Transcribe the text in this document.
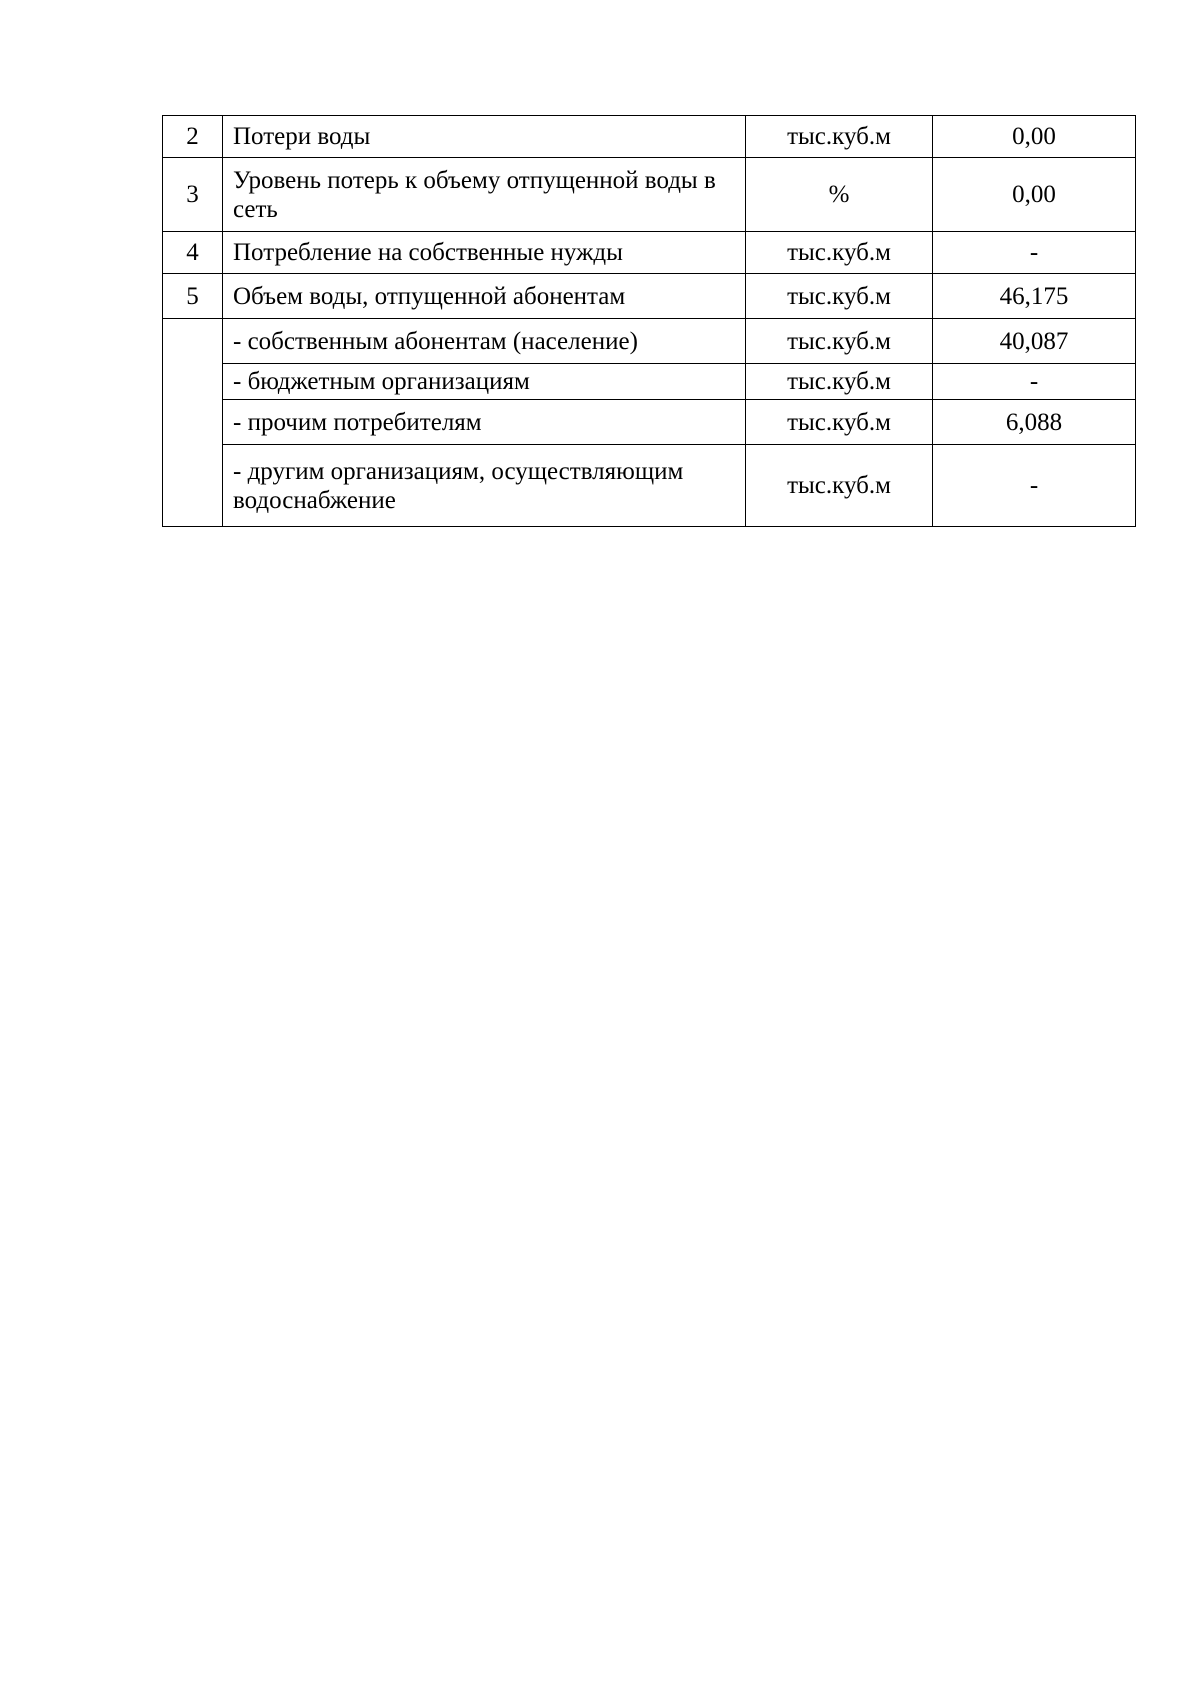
2	Потери воды	тыс.куб.м	0,00
3	Уровень потерь к объему отпущенной воды в сеть	%	0,00
4	Потребление на собственные нужды	тыс.куб.м	-
5	Объем воды, отпущенной абонентам	тыс.куб.м	46,175
	- собственным абонентам (население)	тыс.куб.м	40,087
	- бюджетным организациям	тыс.куб.м	-
	- прочим потребителям	тыс.куб.м	6,088
	- другим организациям, осуществляющим водоснабжение	тыс.куб.м	-
